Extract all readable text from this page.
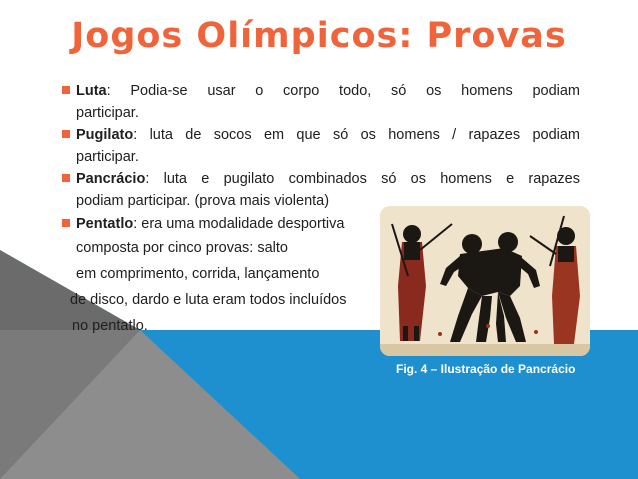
Jogos Olímpicos: Provas
Luta: Podia-se usar o corpo todo, só os homens podiam
participar.
Pugilato: luta de socos em que só os homens / rapazes podiam
participar.
Pancrácio: luta e pugilato combinados só os homens e rapazes
podiam participar. (prova mais violenta)
Pentatlo: era uma modalidade desportiva
composta por cinco provas: salto
em comprimento, corrida, lançamento
de disco, dardo e luta eram todos incluídos
no pentatlo.
Fig. 4 – Ilustração de Pancrácio
